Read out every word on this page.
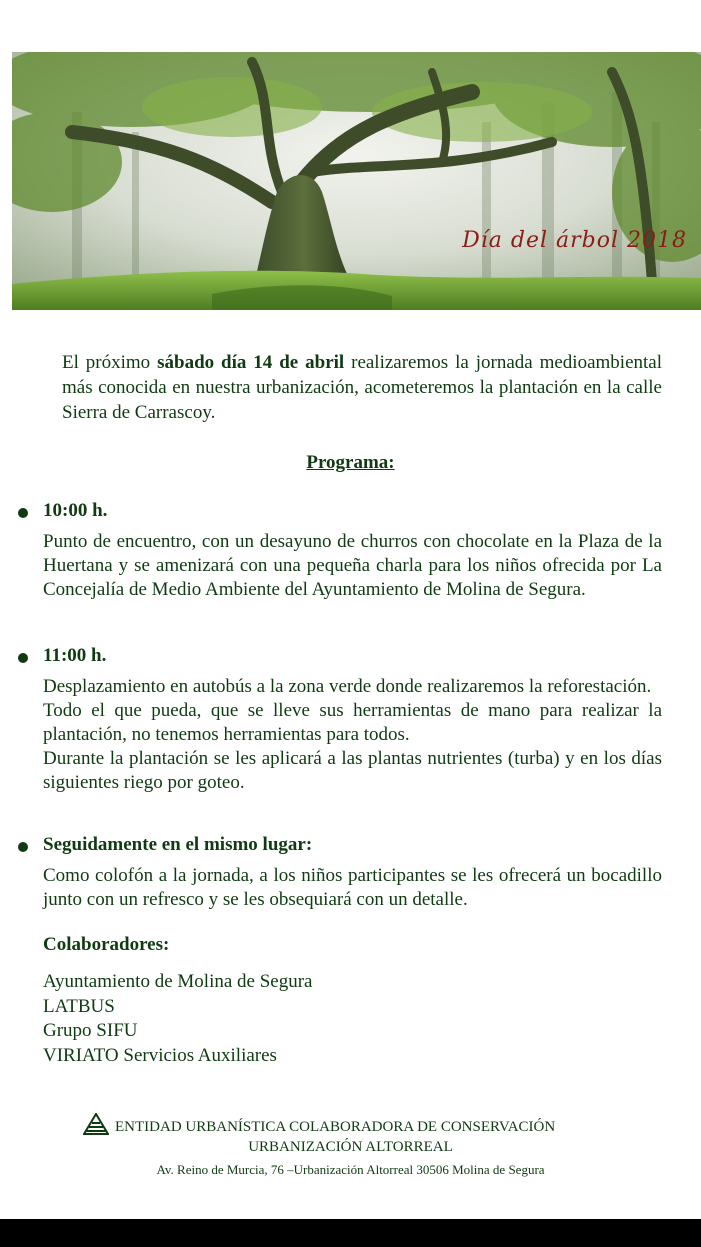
Día del árbol 2018
El próximo sábado día 14 de abril realizaremos la jornada medioambiental más conocida en nuestra urbanización, acometeremos la plantación en la calle Sierra de Carrascoy.
Programa:
10:00 h.

Punto de encuentro, con un desayuno de churros con chocolate en la Plaza de la Huertana y se amenizará con una pequeña charla para los niños ofrecida por La Concejalía de Medio Ambiente del Ayuntamiento de Molina de Segura.

11:00 h.

Desplazamiento en autobús a la zona verde donde realizaremos la reforestación.

Todo el que pueda, que se lleve sus herramientas de mano para realizar la plantación, no tenemos herramientas para todos.

Durante la plantación se les aplicará a las plantas nutrientes (turba) y en los días siguientes riego por goteo.

Seguidamente en el mismo lugar:

Como colofón a la jornada, a los niños participantes se les ofrecerá un bocadillo junto con un refresco y se les obsequiará con un detalle.

Colaboradores:
Ayuntamiento de Molina de Segura
LATBUS
Grupo SIFU
VIRIATO Servicios Auxiliares
ENTIDAD URBANÍSTICA COLABORADORA DE CONSERVACIÓN
URBANIZACIÓN ALTORREAL
Av. Reino de Murcia, 76 –Urbanización Altorreal 30506 Molina de Segura
